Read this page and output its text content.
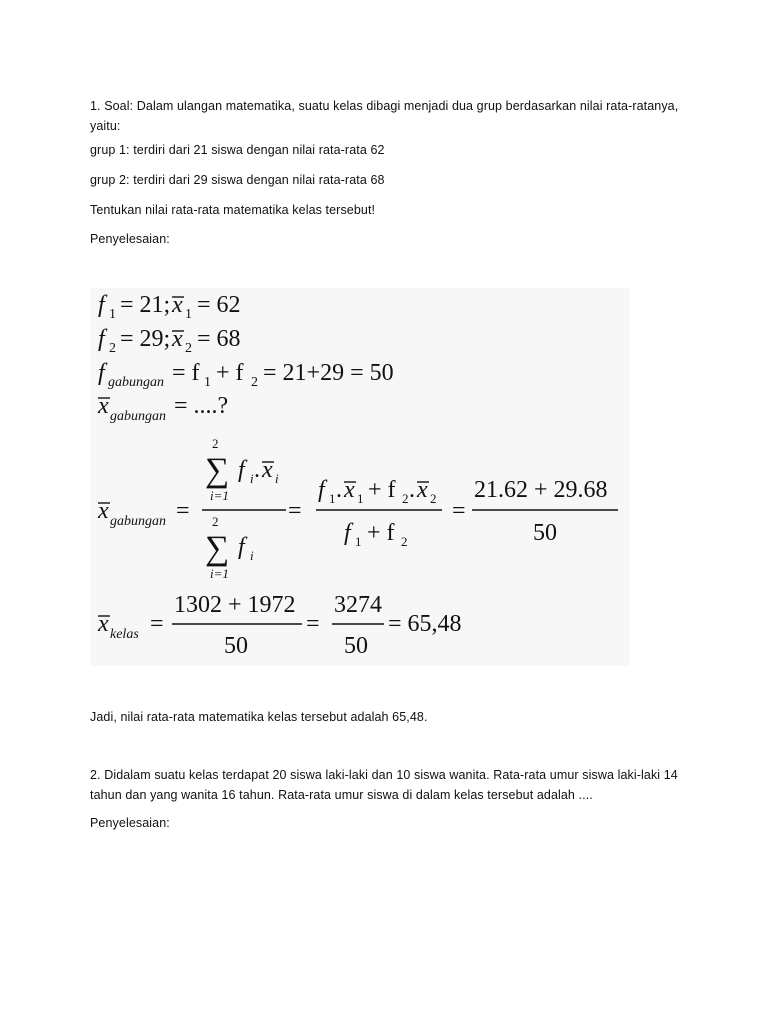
1. Soal: Dalam ulangan matematika, suatu kelas dibagi menjadi dua grup berdasarkan nilai rata-ratanya, yaitu:
grup 1: terdiri dari 21 siswa dengan nilai rata-rata 62
grup 2: terdiri dari 29 siswa dengan nilai rata-rata 68
Tentukan nilai rata-rata matematika kelas tersebut!
Penyelesaian:
f 1 = 21; x 1 = 62
f 2 = 29; x 2 = 68
f gabungan = f 1 + f 2 = 21+29 = 50
x gabungan = ....?
x gabungan =
2
∑ f i . x i
i=1
2
∑ f i
i=1
=
f 1 . x 1 + f 2 . x 2
f 1 + f 2
=
21.62 + 29.68
50
x kelas =
1302 + 1972
50
=
3274
50
= 65,48
Jadi, nilai rata-rata matematika kelas tersebut adalah 65,48.
2. Didalam suatu kelas terdapat 20 siswa laki-laki dan 10 siswa wanita. Rata-rata umur siswa laki-laki 14 tahun dan yang wanita 16 tahun. Rata-rata umur siswa di dalam kelas tersebut adalah ....
Penyelesaian:
